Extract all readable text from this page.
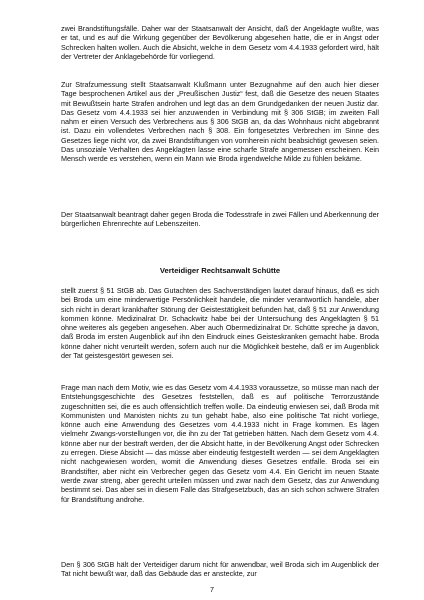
zwei Brandstiftungsfälle. Daher war der Staatsanwalt der Ansicht, daß der Angeklagte wußte, was er tat, und es auf die Wirkung gegenüber der Bevölkerung abgesehen hatte, die er in Angst oder Schrecken halten wollen. Auch die Absicht, welche in dem Gesetz vom 4.4.1933 gefordert wird, hält der Vertreter der Anklagebehörde für vorliegend.

Zur Strafzumessung stellt Staatsanwalt Klußmann unter Bezugnahme auf den auch hier dieser Tage besprochenen Artikel aus der „Preußischen Justiz“ fest, daß die Gesetze des neuen Staates mit Bewußtsein harte Strafen androhen und legt das an dem Grundgedanken der neuen Justiz dar. Das Gesetz vom 4.4.1933 sei hier anzuwenden in Verbindung mit § 306 StGB; im zweiten Fall nahm er einen Versuch des Verbrechens aus § 306 StGB an, da das Wohnhaus nicht abgebrannt ist. Dazu ein vollendetes Verbrechen nach § 308. Ein fortgesetztes Verbrechen im Sinne des Gesetzes liege nicht vor, da zwei Brandstiftungen von vornherein nicht beabsichtigt gewesen seien. Das unsoziale Verhalten des Angeklagten lasse eine scharfe Strafe angemessen erscheinen. Kein Mensch werde es verstehen, wenn ein Mann wie Broda irgendwelche Milde zu fühlen bekäme.

Der Staatsanwalt beantragt daher gegen Broda die Todesstrafe in zwei Fällen und Aberkennung der bürgerlichen Ehrenrechte auf Lebenszeiten.

Verteidiger Rechtsanwalt Schütte

stellt zuerst § 51 StGB ab. Das Gutachten des Sachverständigen lautet darauf hinaus, daß es sich bei Broda um eine minderwertige Persönlichkeit handele, die minder verantwortlich handele, aber sich nicht in derart krankhafter Störung der Geistestätigkeit befunden hat, daß § 51 zur Anwendung kommen könne. Medizinalrat Dr. Schackwitz habe bei der Untersuchung des Angeklagten § 51 ohne weiteres als gegeben angesehen. Aber auch Obermedizinalrat Dr. Schütte spreche ja davon, daß Broda im ersten Augenblick auf ihn den Eindruck eines Geisteskranken gemacht habe. Broda könne daher nicht verurteilt werden, sofern auch nur die Möglichkeit bestehe, daß er im Augenblick der Tat geistesgestört gewesen sei.

Frage man nach dem Motiv, wie es das Gesetz vom 4.4.1933 voraussetze, so müsse man nach der Entstehungsgeschichte des Gesetzes feststellen, daß es auf politische Terrorzustände zugeschnitten sei, die es auch offensichtlich treffen wolle. Da eindeutig erwiesen sei, daß Broda mit Kommunisten und Marxisten nichts zu tun gehabt habe, also eine politische Tat nicht vorliege, könne auch eine Anwendung des Gesetzes vom 4.4.1933 nicht in Frage kommen. Es lägen vielmehr Zwangs-vorstellungen vor, die ihn zu der Tat getrieben hätten. Nach dem Gesetz vom 4.4. könne aber nur der bestraft werden, der die Absicht hatte, in der Bevölkerung Angst oder Schrecken zu erregen. Diese Absicht — das müsse aber eindeutig festgestellt werden — sei dem Angeklagten nicht nachgewiesen worden, womit die Anwendung dieses Gesetzes entfalle. Broda sei ein Brandstifter, aber nicht ein Verbrecher gegen das Gesetz vom 4.4. Ein Gericht im neuen Staate werde zwar streng, aber gerecht urteilen müssen und zwar nach dem Gesetz, das zur Anwendung bestimmt sei. Das aber sei in diesem Falle das Strafgesetzbuch, das an sich schon schwere Strafen für Brandstiftung androhe.

Den § 306 StGB hält der Verteidiger darum nicht für anwendbar, weil Broda sich im Augenblick der Tat nicht bewußt war, daß das Gebäude das er ansteckte, zur

7
